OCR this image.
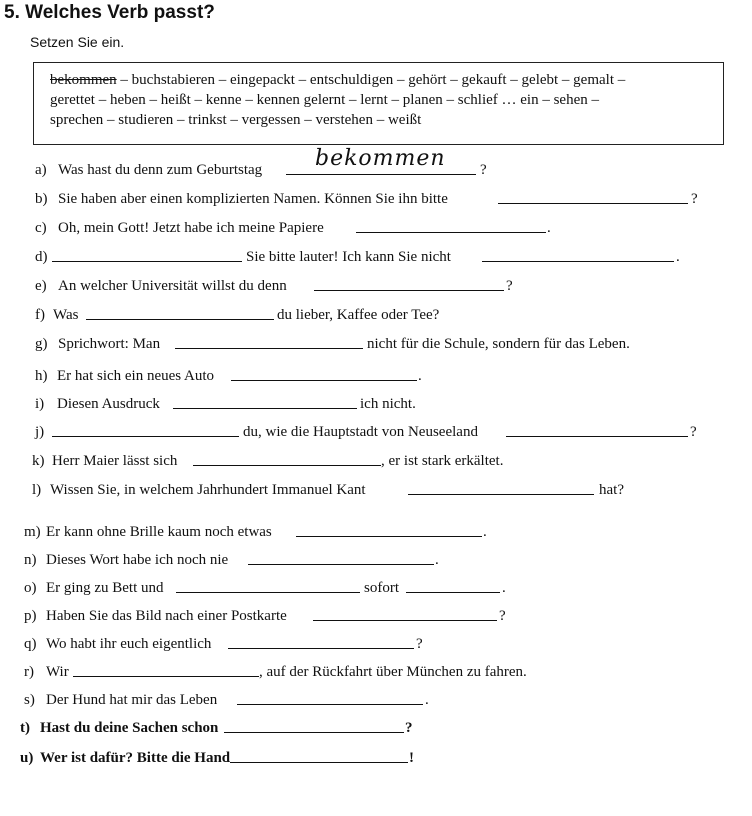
5. Welches Verb passt?
Setzen Sie ein.
bekommen – buchstabieren – eingepackt – entschuldigen – gehört – gekauft – gelebt – gemalt –
gerettet – heben – heißt – kenne – kennen gelernt – lernt – planen – schlief … ein – sehen –
sprechen – studieren – trinkst – vergessen – verstehen – weißt
a) Was hast du denn zum Geburtstag	?
bekommen
b) Sie haben aber einen komplizierten Namen. Können Sie ihn bitte	?
c) Oh, mein Gott! Jetzt habe ich meine Papiere	.
d)	Sie bitte lauter! Ich kann Sie nicht	.
e) An welcher Universität willst du denn	?
f) Was	du lieber, Kaffee oder Tee?
g) Sprichwort: Man	nicht für die Schule, sondern für das Leben.
h) Er hat sich ein neues Auto	.
i) Diesen Ausdruck	ich nicht.
j)	du, wie die Hauptstadt von Neuseeland	?
k) Herr Maier lässt sich	, er ist stark erkältet.
l) Wissen Sie, in welchem Jahrhundert Immanuel Kant	hat?
m) Er kann ohne Brille kaum noch etwas	.
n) Dieses Wort habe ich noch nie	.
o) Er ging zu Bett und	sofort	.
p) Haben Sie das Bild nach einer Postkarte	?
q) Wo habt ihr euch eigentlich	?
r) Wir	, auf der Rückfahrt über München zu fahren.
s) Der Hund hat mir das Leben	.
t) Hast du deine Sachen schon	?
u) Wer ist dafür? Bitte die Hand	!
